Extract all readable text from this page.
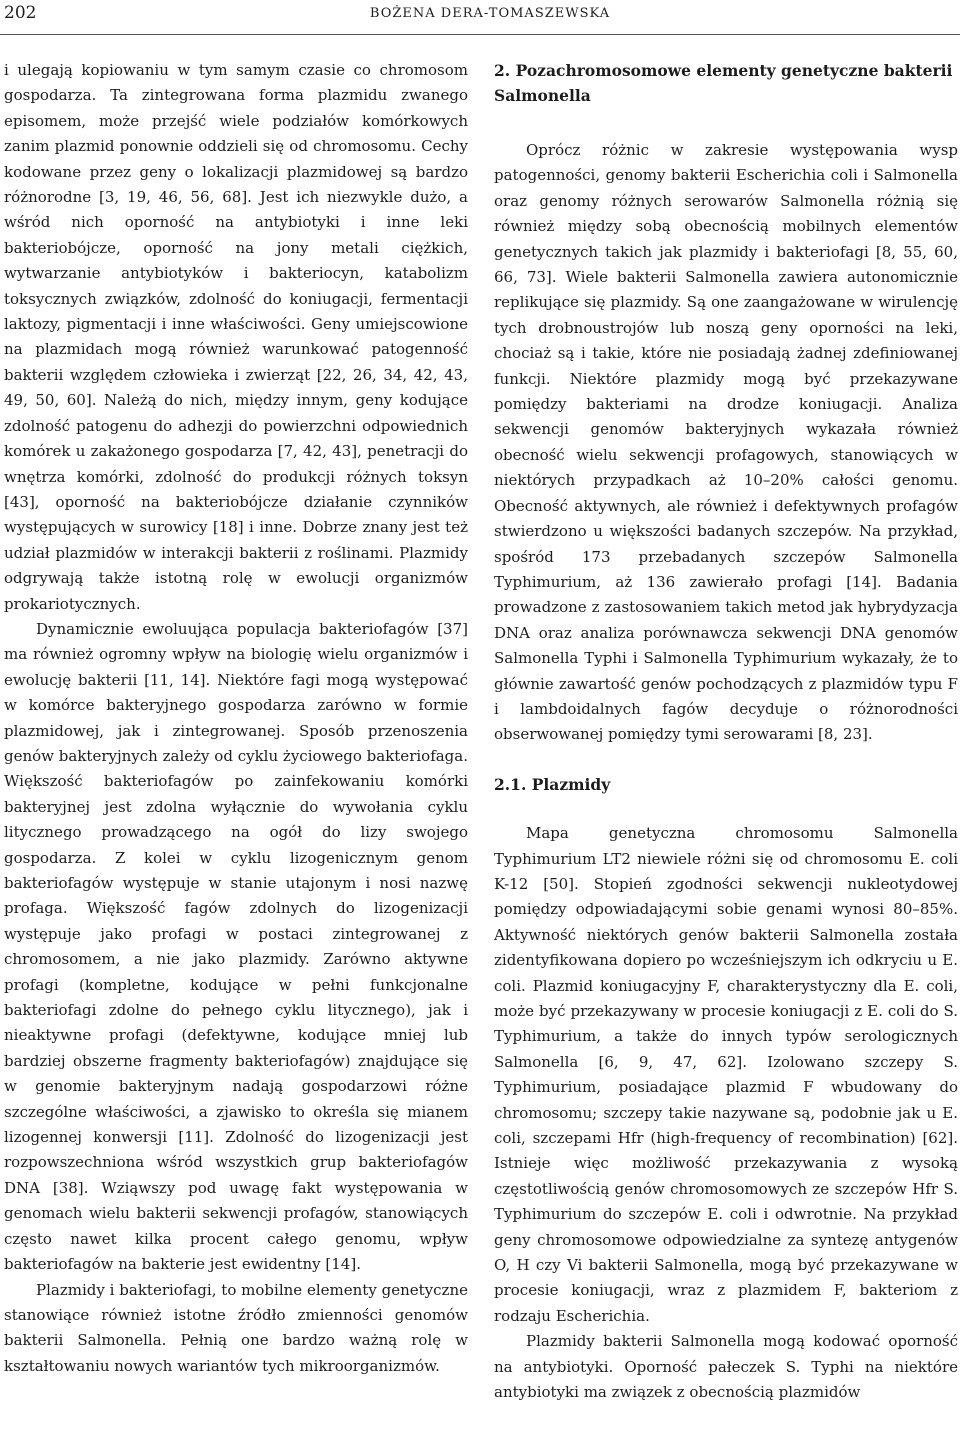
202	BOŻENA DERA-TOMASZEWSKA

i ulegają kopiowaniu w tym samym czasie co chromosom gospodarza. Ta zintegrowana forma plazmidu zwanego episomem, może przejść wiele podziałów komórkowych zanim plazmid ponownie oddzieli się od chromosomu. Cechy kodowane przez geny o lokalizacji plazmidowej są bardzo różnorodne [3, 19, 46, 56, 68]. Jest ich niezwykle dużo, a wśród nich oporność na antybiotyki i inne leki bakteriobójcze, oporność na jony metali ciężkich, wytwarzanie antybiotyków i bakteriocyn, katabolizm toksycznych związków, zdolność do koniugacji, fermentacji laktozy, pigmentacji i inne właściwości. Geny umiejscowione na plazmidach mogą również warunkować patogenność bakterii względem człowieka i zwierząt [22, 26, 34, 42, 43, 49, 50, 60]. Należą do nich, między innym, geny kodujące zdolność patogenu do adhezji do powierzchni odpowiednich komórek u zakażonego gospodarza [7, 42, 43], penetracji do wnętrza komórki, zdolność do produkcji różnych toksyn [43], oporność na bakteriobójcze działanie czynników występujących w surowicy [18] i inne. Dobrze znany jest też udział plazmidów w interakcji bakterii z roślinami. Plazmidy odgrywają także istotną rolę w ewolucji organizmów prokariotycznych.

Dynamicznie ewoluująca populacja bakteriofagów [37] ma również ogromny wpływ na biologię wielu organizmów i ewolucję bakterii [11, 14]. Niektóre fagi mogą występować w komórce bakteryjnego gospodarza zarówno w formie plazmidowej, jak i zintegrowanej. Sposób przenoszenia genów bakteryjnych zależy od cyklu życiowego bakteriofaga. Większość bakteriofagów po zainfekowaniu komórki bakteryjnej jest zdolna wyłącznie do wywołania cyklu litycznego prowadzącego na ogół do lizy swojego gospodarza. Z kolei w cyklu lizogenicznym genom bakteriofagów występuje w stanie utajonym i nosi nazwę profaga. Większość fagów zdolnych do lizogenizacji występuje jako profagi w postaci zintegrowanej z chromosomem, a nie jako plazmidy. Zarówno aktywne profagi (kompletne, kodujące w pełni funkcjonalne bakteriofagi zdolne do pełnego cyklu litycznego), jak i nieaktywne profagi (defektywne, kodujące mniej lub bardziej obszerne fragmenty bakteriofagów) znajdujące się w genomie bakteryjnym nadają gospodarzowi różne szczególne właściwości, a zjawisko to określa się mianem lizogennej konwersji [11]. Zdolność do lizogenizacji jest rozpowszechniona wśród wszystkich grup bakteriofagów DNA [38]. Wziąwszy pod uwagę fakt występowania w genomach wielu bakterii sekwencji profagów, stanowiących często nawet kilka procent całego genomu, wpływ bakteriofagów na bakterie jest ewidentny [14].

Plazmidy i bakteriofagi, to mobilne elementy genetyczne stanowiące również istotne źródło zmienności genomów bakterii Salmonella. Pełnią one bardzo ważną rolę w kształtowaniu nowych wariantów tych mikroorganizmów.

2. Pozachromosomowe elementy genetyczne bakterii Salmonella

Oprócz różnic w zakresie występowania wysp patogenności, genomy bakterii Escherichia coli i Salmonella oraz genomy różnych serowarów Salmonella różnią się również między sobą obecnością mobilnych elementów genetycznych takich jak plazmidy i bakteriofagi [8, 55, 60, 66, 73]. Wiele bakterii Salmonella zawiera autonomicznie replikujące się plazmidy. Są one zaangażowane w wirulencję tych drobnoustrojów lub noszą geny oporności na leki, chociaż są i takie, które nie posiadają żadnej zdefiniowanej funkcji. Niektóre plazmidy mogą być przekazywane pomiędzy bakteriami na drodze koniugacji. Analiza sekwencji genomów bakteryjnych wykazała również obecność wielu sekwencji profagowych, stanowiących w niektórych przypadkach aż 10–20% całości genomu. Obecność aktywnych, ale również i defektywnych profagów stwierdzono u większości badanych szczepów. Na przykład, spośród 173 przebadanych szczepów Salmonella Typhimurium, aż 136 zawierało profagi [14]. Badania prowadzone z zastosowaniem takich metod jak hybrydyzacja DNA oraz analiza porównawcza sekwencji DNA genomów Salmonella Typhi i Salmonella Typhimurium wykazały, że to głównie zawartość genów pochodzących z plazmidów typu F i lambdoidalnych fagów decyduje o różnorodności obserwowanej pomiędzy tymi serowarami [8, 23].

2.1. Plazmidy

Mapa genetyczna chromosomu Salmonella Typhimurium LT2 niewiele różni się od chromosomu E. coli K-12 [50]. Stopień zgodności sekwencji nukleotydowej pomiędzy odpowiadającymi sobie genami wynosi 80–85%. Aktywność niektórych genów bakterii Salmonella została zidentyfikowana dopiero po wcześniejszym ich odkryciu u E. coli. Plazmid koniugacyjny F, charakterystyczny dla E. coli, może być przekazywany w procesie koniugacji z E. coli do S. Typhimurium, a także do innych typów serologicznych Salmonella [6, 9, 47, 62]. Izolowano szczepy S. Typhimurium, posiadające plazmid F wbudowany do chromosomu; szczepy takie nazywane są, podobnie jak u E. coli, szczepami Hfr (high-frequency of recombination) [62]. Istnieje więc możliwość przekazywania z wysoką częstotliwością genów chromosomowych ze szczepów Hfr S. Typhimurium do szczepów E. coli i odwrotnie. Na przykład geny chromosomowe odpowiedzialne za syntezę antygenów O, H czy Vi bakterii Salmonella, mogą być przekazywane w procesie koniugacji, wraz z plazmidem F, bakteriom z rodzaju Escherichia.

Plazmidy bakterii Salmonella mogą kodować oporność na antybiotyki. Oporność pałeczek S. Typhi na niektóre antybiotyki ma związek z obecnością plazmidów
